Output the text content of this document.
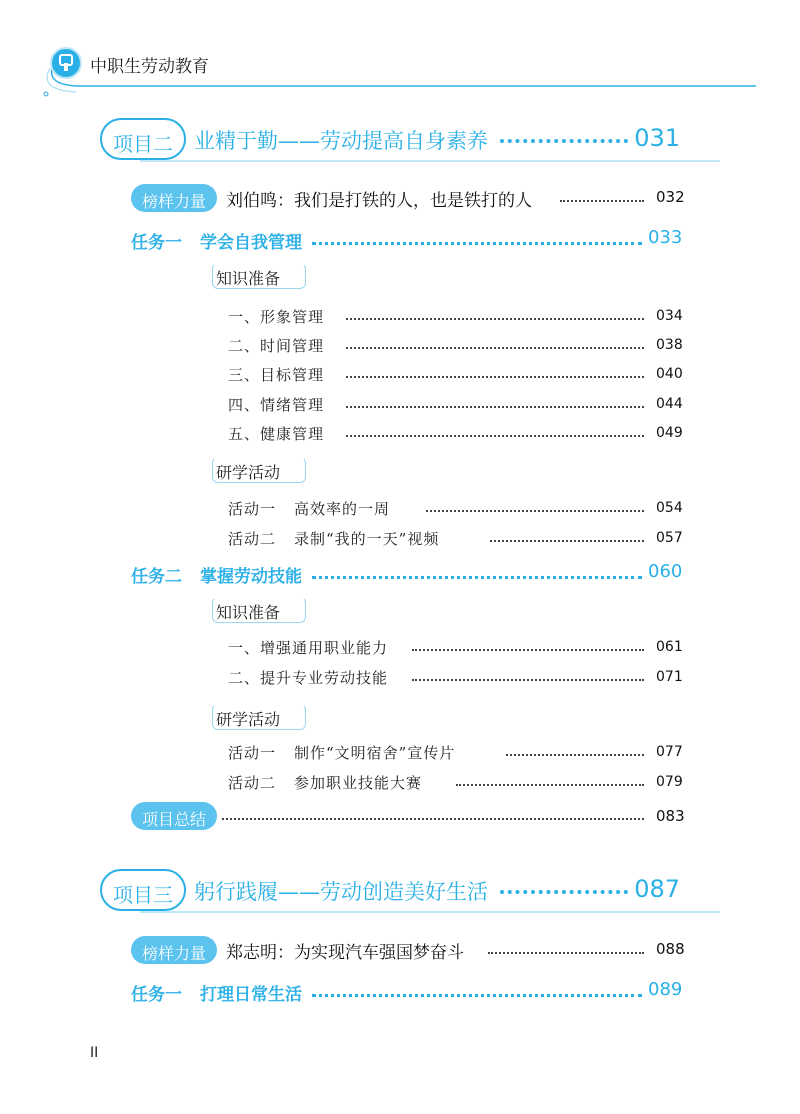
中职生劳动教育
项目二	业精于勤——劳动提高自身素养	031
榜样力量	刘伯鸣：我们是打铁的人，也是铁打的人	032
任务一 学会自我管理	033
知识准备
一、形象管理	034
二、时间管理	038
三、目标管理	040
四、情绪管理	044
五、健康管理	049
研学活动
活动一 高效率的一周	054
活动二 录制“我的一天”视频	057
任务二 掌握劳动技能	060
知识准备
一、增强通用职业能力	061
二、提升专业劳动技能	071
研学活动
活动一 制作“文明宿舍”宣传片	077
活动二 参加职业技能大赛	079
项目总结	083
项目三	躬行践履——劳动创造美好生活	087
榜样力量	郑志明：为实现汽车强国梦奋斗	088
任务一 打理日常生活	089
II
